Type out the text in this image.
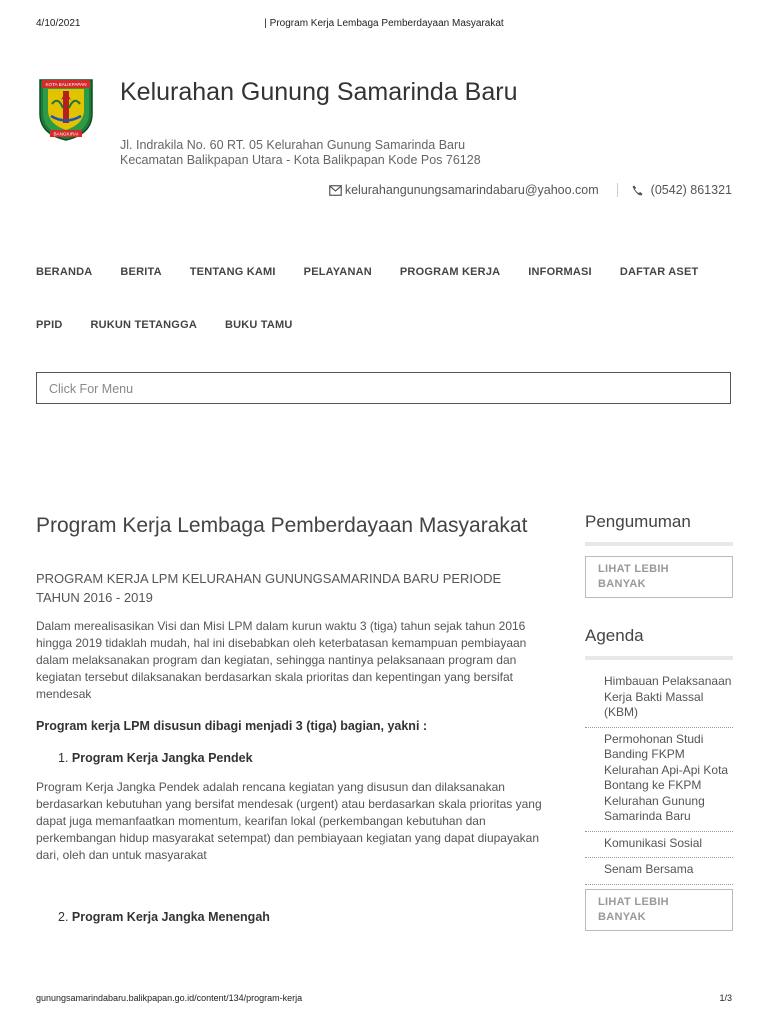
4/10/2021	| Program Kerja Lembaga Pemberdayaan Masyarakat
KOTA BALIKPAPAN
BANGKIRAI
Kelurahan Gunung Samarinda Baru
Jl. Indrakila No. 60 RT. 05 Kelurahan Gunung Samarinda Baru
Kecamatan Balikpapan Utara - Kota Balikpapan Kode Pos 76128
kelurahangunungsamarindabaru@yahoo.com	(0542) 861321
BERANDA	BERITA	TENTANG KAMI	PELAYANAN	PROGRAM KERJA	INFORMASI	DAFTAR ASET
PPID	RUKUN TETANGGA	BUKU TAMU
Click For Menu
Program Kerja Lembaga Pemberdayaan Masyarakat
PROGRAM KERJA LPM KELURAHAN GUNUNGSAMARINDA BARU PERIODE TAHUN 2016 - 2019
Dalam merealisasikan Visi dan Misi LPM dalam kurun waktu 3 (tiga) tahun sejak tahun 2016 hingga 2019 tidaklah mudah, hal ini disebabkan oleh keterbatasan kemampuan pembiayaan dalam melaksanakan program dan kegiatan, sehingga nantinya pelaksanaan program dan kegiatan tersebut dilaksanakan berdasarkan skala prioritas dan kepentingan yang bersifat mendesak
Program kerja LPM disusun dibagi menjadi 3 (tiga) bagian, yakni :
1. Program Kerja Jangka Pendek
Program Kerja Jangka Pendek adalah rencana kegiatan yang disusun dan dilaksanakan berdasarkan kebutuhan yang bersifat mendesak (urgent) atau berdasarkan skala prioritas yang dapat juga memanfaatkan momentum, kearifan lokal (perkembangan kebutuhan dan perkembangan hidup masyarakat setempat) dan pembiayaan kegiatan yang dapat diupayakan dari, oleh dan untuk masyarakat
2. Program Kerja Jangka Menengah
Pengumuman
LIHAT LEBIH BANYAK
Agenda
Himbauan Pelaksanaan Kerja Bakti Massal (KBM)
Permohonan Studi Banding FKPM Kelurahan Api-Api Kota Bontang ke FKPM Kelurahan Gunung Samarinda Baru
Komunikasi Sosial
Senam Bersama
LIHAT LEBIH BANYAK
gunungsamarindabaru.balikpapan.go.id/content/134/program-kerja	1/3
